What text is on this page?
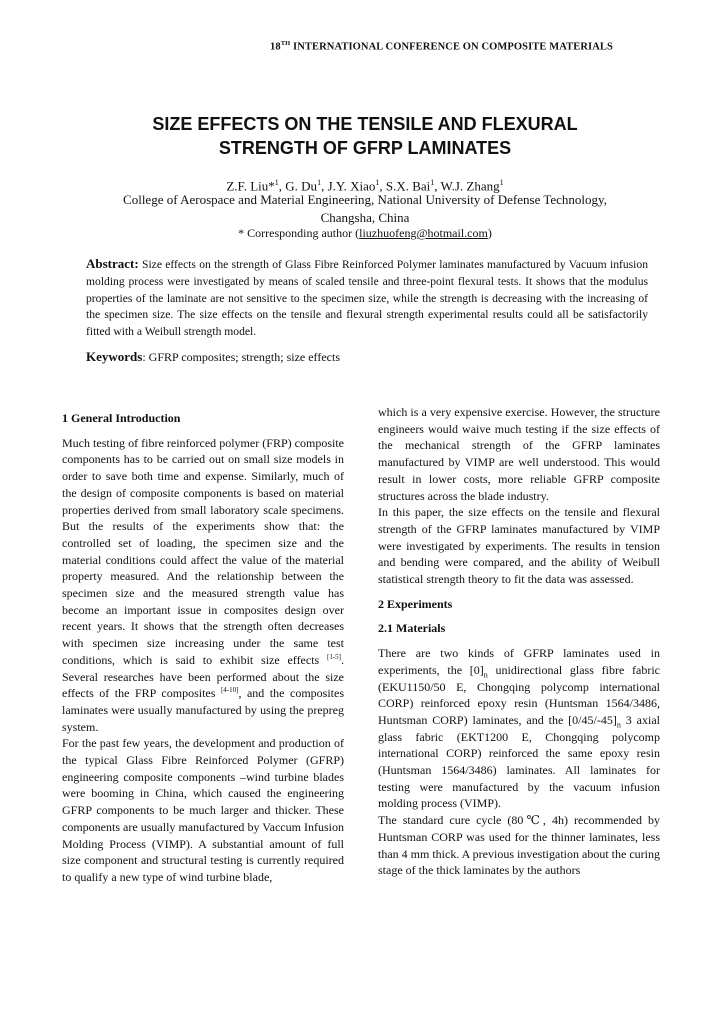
18TH INTERNATIONAL CONFERENCE ON COMPOSITE MATERIALS
SIZE EFFECTS ON THE TENSILE AND FLEXURAL
STRENGTH OF GFRP LAMINATES
Z.F. Liu*$^1$, G. Du$^1$, J.Y. Xiao$^1$, S.X. Bai$^1$, W.J. Zhang$^1$
College of Aerospace and Material Engineering, National University of Defense Technology,
Changsha, China
* Corresponding author (liuzhuofeng@hotmail.com)
Abstract: Size effects on the strength of Glass Fibre Reinforced Polymer laminates manufactured by Vacuum infusion molding process were investigated by means of scaled tensile and three-point flexural tests. It shows that the modulus properties of the laminate are not sensitive to the specimen size, while the strength is decreasing with the increasing of the specimen size. The size effects on the tensile and flexural strength experimental results could all be satisfactorily fitted with a Weibull strength model.
Keywords: GFRP composites; strength; size effects
1 General Introduction

Much testing of fibre reinforced polymer (FRP) composite components has to be carried out on small size models in order to save both time and expense. Similarly, much of the design of composite components is based on material properties derived from small laboratory scale specimens. But the results of the experiments show that: the controlled set of loading, the specimen size and the material conditions could affect the value of the material property measured. And the relationship between the specimen size and the measured strength value has become an important issue in composites design over recent years. It shows that the strength often decreases with specimen size increasing under the same test conditions, which is said to exhibit size effects [1-5]. Several researches have been performed about the size effects of the FRP composites [4-10], and the composites laminates were usually manufactured by using the prepreg system.

For the past few years, the development and production of the typical Glass Fibre Reinforced Polymer (GFRP) engineering composite components –wind turbine blades were booming in China, which caused the engineering GFRP components to be much larger and thicker. These components are usually manufactured by Vaccum Infusion Molding Process (VIMP). A substantial amount of full size component and structural testing is currently required to qualify a new type of wind turbine blade,

which is a very expensive exercise. However, the structure engineers would waive much testing if the size effects of the mechanical strength of the GFRP laminates manufactured by VIMP are well understood. This would result in lower costs, more reliable GFRP composite structures across the blade industry.

In this paper, the size effects on the tensile and flexural strength of the GFRP laminates manufactured by VIMP were investigated by experiments. The results in tension and bending were compared, and the ability of Weibull statistical strength theory to fit the data was assessed.

2 Experiments
2.1 Materials

There are two kinds of GFRP laminates used in experiments, the $[0]_n$ unidirectional glass fibre fabric (EKU1150/50 E, Chongqing polycomp international CORP) reinforced epoxy resin (Huntsman 1564/3486, Huntsman CORP) laminates, and the $[0/45/-45]_n$ 3 axial glass fabric (EKT1200 E, Chongqing polycomp international CORP) reinforced the same epoxy resin (Huntsman 1564/3486) laminates. All laminates for testing were manufactured by the vacuum infusion molding process (VIMP).

The standard cure cycle (80℃, 4h) recommended by Huntsman CORP was used for the thinner laminates, less than 4 mm thick. A previous investigation about the curing stage of the thick laminates by the authors
